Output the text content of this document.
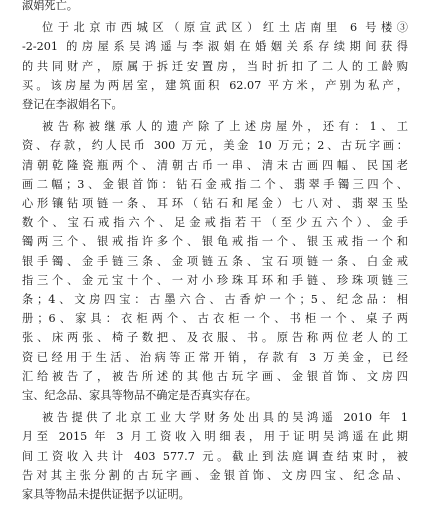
淑娟死亡。
位于北京市西城区（原宣武区）红土店南里 6 号楼③
-2-201 的房屋系吴鸿遥与李淑娟在婚姻关系存续期间获得
的共同财产，原属于拆迁安置房，当时折扣了二人的工龄购
买。该房屋为两居室，建筑面积 62.07 平方米，产别为私产，
登记在李淑娟名下。
被告称被继承人的遗产除了上述房屋外，还有：1、工
资、存款，约人民币 300 万元，美金 10 万元；2、古玩字画：
清朝乾隆瓷瓶两个、清朝古币一串、清末古画四幅、民国老
画二幅；3、金银首饰：钻石金戒指二个、翡翠手镯三四个、
心形镶钻项链一条、耳环（钻石和尾金）七八对、翡翠玉坠
数个、宝石戒指六个、足金戒指若干（至少五六个）、金手
镯两三个、银戒指许多个、银龟戒指一个、银玉戒指一个和
银手镯、金手链三条、金项链五条、宝石项链一条、白金戒
指三个、金元宝十个、一对小珍珠耳环和手链、珍珠项链三
条；4、文房四宝：古墨六合、古香炉一个；5、纪念品：相
册；6、家具：衣柜两个、古衣柜一个、书柜一个、桌子两
张、床两张、椅子数把、及衣服、书。原告称两位老人的工
资已经用于生活、治病等正常开销，存款有 3 万美金，已经
汇给被告了，被告所述的其他古玩字画、金银首饰、文房四
宝、纪念品、家具等物品不确定是否真实存在。
被告提供了北京工业大学财务处出具的吴鸿遥 2010 年 1
月至 2015 年 3 月工资收入明细表，用于证明吴鸿遥在此期
间工资收入共计 403 577.7 元。截止到法庭调查结束时，被
告对其主张分割的古玩字画、金银首饰、文房四宝、纪念品、
家具等物品未提供证据予以证明。
